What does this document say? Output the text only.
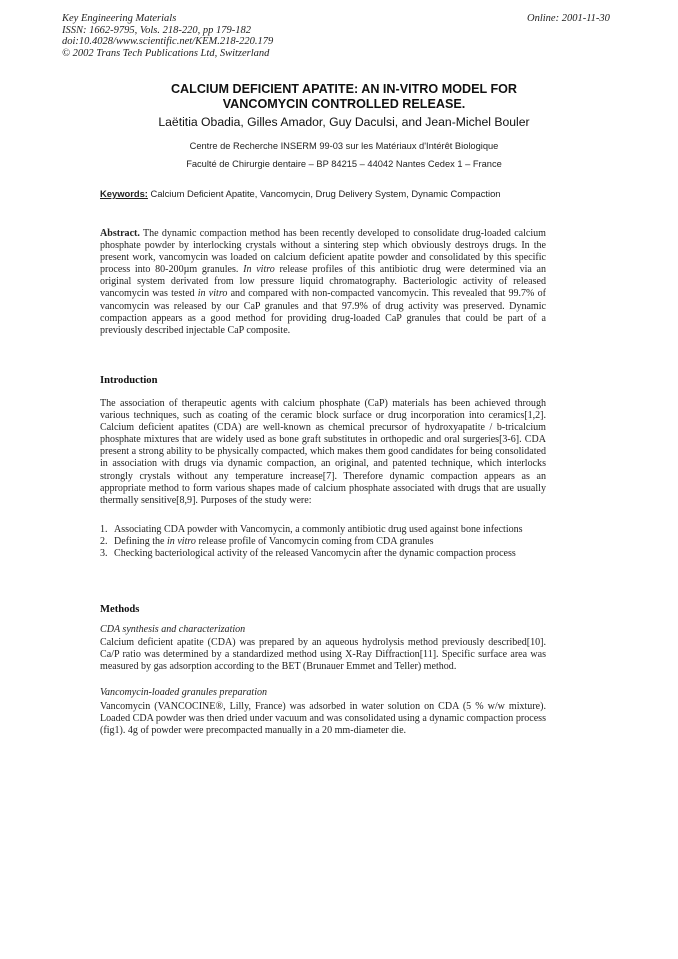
Key Engineering Materials
ISSN: 1662-9795, Vols. 218-220, pp 179-182
doi:10.4028/www.scientific.net/KEM.218-220.179
© 2002 Trans Tech Publications Ltd, Switzerland
Online: 2001-11-30
CALCIUM DEFICIENT APATITE: AN IN-VITRO MODEL FOR
VANCOMYCIN CONTROLLED RELEASE.
Laëtitia Obadia, Gilles Amador, Guy Daculsi, and Jean-Michel Bouler
Centre de Recherche INSERM 99-03 sur les Matériaux d'Intérêt Biologique
Faculté de Chirurgie dentaire – BP 84215 – 44042 Nantes Cedex 1 – France
Keywords: Calcium Deficient Apatite, Vancomycin, Drug Delivery System, Dynamic Compaction
Abstract. The dynamic compaction method has been recently developed to consolidate drug-loaded calcium phosphate powder by interlocking crystals without a sintering step which obviously destroys drugs. In the present work, vancomycin was loaded on calcium deficient apatite powder and consolidated by this specific process into 80-200µm granules. In vitro release profiles of this antibiotic drug were determined via an original system derivated from low pressure liquid chromatography. Bacteriologic activity of released vancomycin was tested in vitro and compared with non-compacted vancomycin. This revealed that 99.7% of vancomycin was released by our CaP granules and that 97.9% of drug activity was preserved. Dynamic compaction appears as a good method for providing drug-loaded CaP granules that could be part of a previously described injectable CaP composite.
Introduction
The association of therapeutic agents with calcium phosphate (CaP) materials has been achieved through various techniques, such as coating of the ceramic block surface or drug incorporation into ceramics[1,2]. Calcium deficient apatites (CDA) are well-known as chemical precursor of hydroxyapatite / b-tricalcium phosphate mixtures that are widely used as bone graft substitutes in orthopedic and oral surgeries[3-6]. CDA present a strong ability to be physically compacted, which makes them good candidates for being consolidated in association with drugs via dynamic compaction, an original, and patented technique, which interlocks strongly crystals without any temperature increase[7]. Therefore dynamic compaction appears as an appropriate method to form various shapes made of calcium phosphate associated with drugs that are usually thermally sensitive[8,9]. Purposes of the study were:
1. Associating CDA powder with Vancomycin, a commonly antibiotic drug used against bone infections
2. Defining the in vitro release profile of Vancomycin coming from CDA granules
3. Checking bacteriological activity of the released Vancomycin after the dynamic compaction process
Methods
CDA synthesis and characterization
Calcium deficient apatite (CDA) was prepared by an aqueous hydrolysis method previously described[10]. Ca/P ratio was determined by a standardized method using X-Ray Diffraction[11]. Specific surface area was measured by gas adsorption according to the BET (Brunauer Emmet and Teller) method.
Vancomycin-loaded granules preparation
Vancomycin (VANCOCINE®, Lilly, France) was adsorbed in water solution on CDA (5 % w/w mixture). Loaded CDA powder was then dried under vacuum and was consolidated using a dynamic compaction process (fig1). 4g of powder were precompacted manually in a 20 mm-diameter die.
